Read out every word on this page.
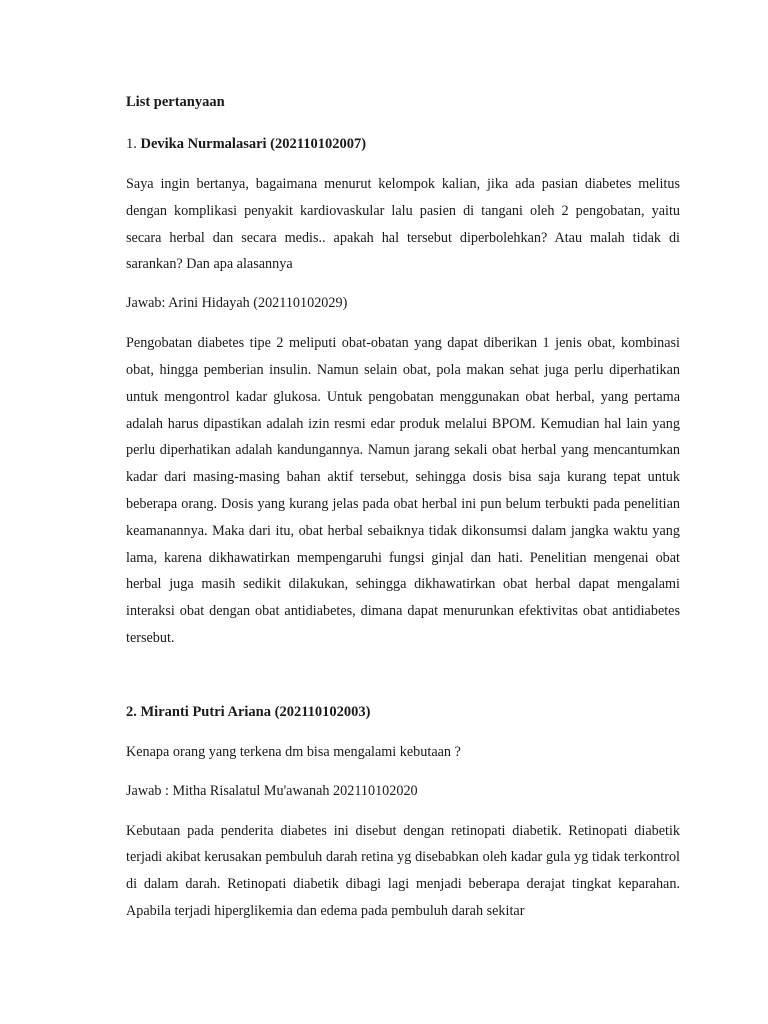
List pertanyaan
1. Devika Nurmalasari (202110102007)

Saya ingin bertanya, bagaimana menurut kelompok kalian, jika ada pasian diabetes melitus dengan komplikasi penyakit kardiovaskular lalu pasien di tangani oleh 2 pengobatan, yaitu secara herbal dan secara medis.. apakah hal tersebut diperbolehkan? Atau malah tidak di sarankan? Dan apa alasannya

Jawab: Arini Hidayah (202110102029)

Pengobatan diabetes tipe 2 meliputi obat-obatan yang dapat diberikan 1 jenis obat, kombinasi obat, hingga pemberian insulin. Namun selain obat, pola makan sehat juga perlu diperhatikan untuk mengontrol kadar glukosa. Untuk pengobatan menggunakan obat herbal, yang pertama adalah harus dipastikan adalah izin resmi edar produk melalui BPOM. Kemudian hal lain yang perlu diperhatikan adalah kandungannya. Namun jarang sekali obat herbal yang mencantumkan kadar dari masing-masing bahan aktif tersebut, sehingga dosis bisa saja kurang tepat untuk beberapa orang. Dosis yang kurang jelas pada obat herbal ini pun belum terbukti pada penelitian keamanannya. Maka dari itu, obat herbal sebaiknya tidak dikonsumsi dalam jangka waktu yang lama, karena dikhawatirkan mempengaruhi fungsi ginjal dan hati. Penelitian mengenai obat herbal juga masih sedikit dilakukan, sehingga dikhawatirkan obat herbal dapat mengalami interaksi obat dengan obat antidiabetes, dimana dapat menurunkan efektivitas obat antidiabetes tersebut.

2. Miranti Putri Ariana (202110102003)

Kenapa orang yang terkena dm bisa mengalami kebutaan ?

Jawab : Mitha Risalatul Mu'awanah 202110102020

Kebutaan pada penderita diabetes ini disebut dengan retinopati diabetik. Retinopati diabetik terjadi akibat kerusakan pembuluh darah retina yg disebabkan oleh kadar gula yg tidak terkontrol di dalam darah. Retinopati diabetik dibagi lagi menjadi beberapa derajat tingkat keparahan. Apabila terjadi hiperglikemia dan edema pada pembuluh darah sekitar
